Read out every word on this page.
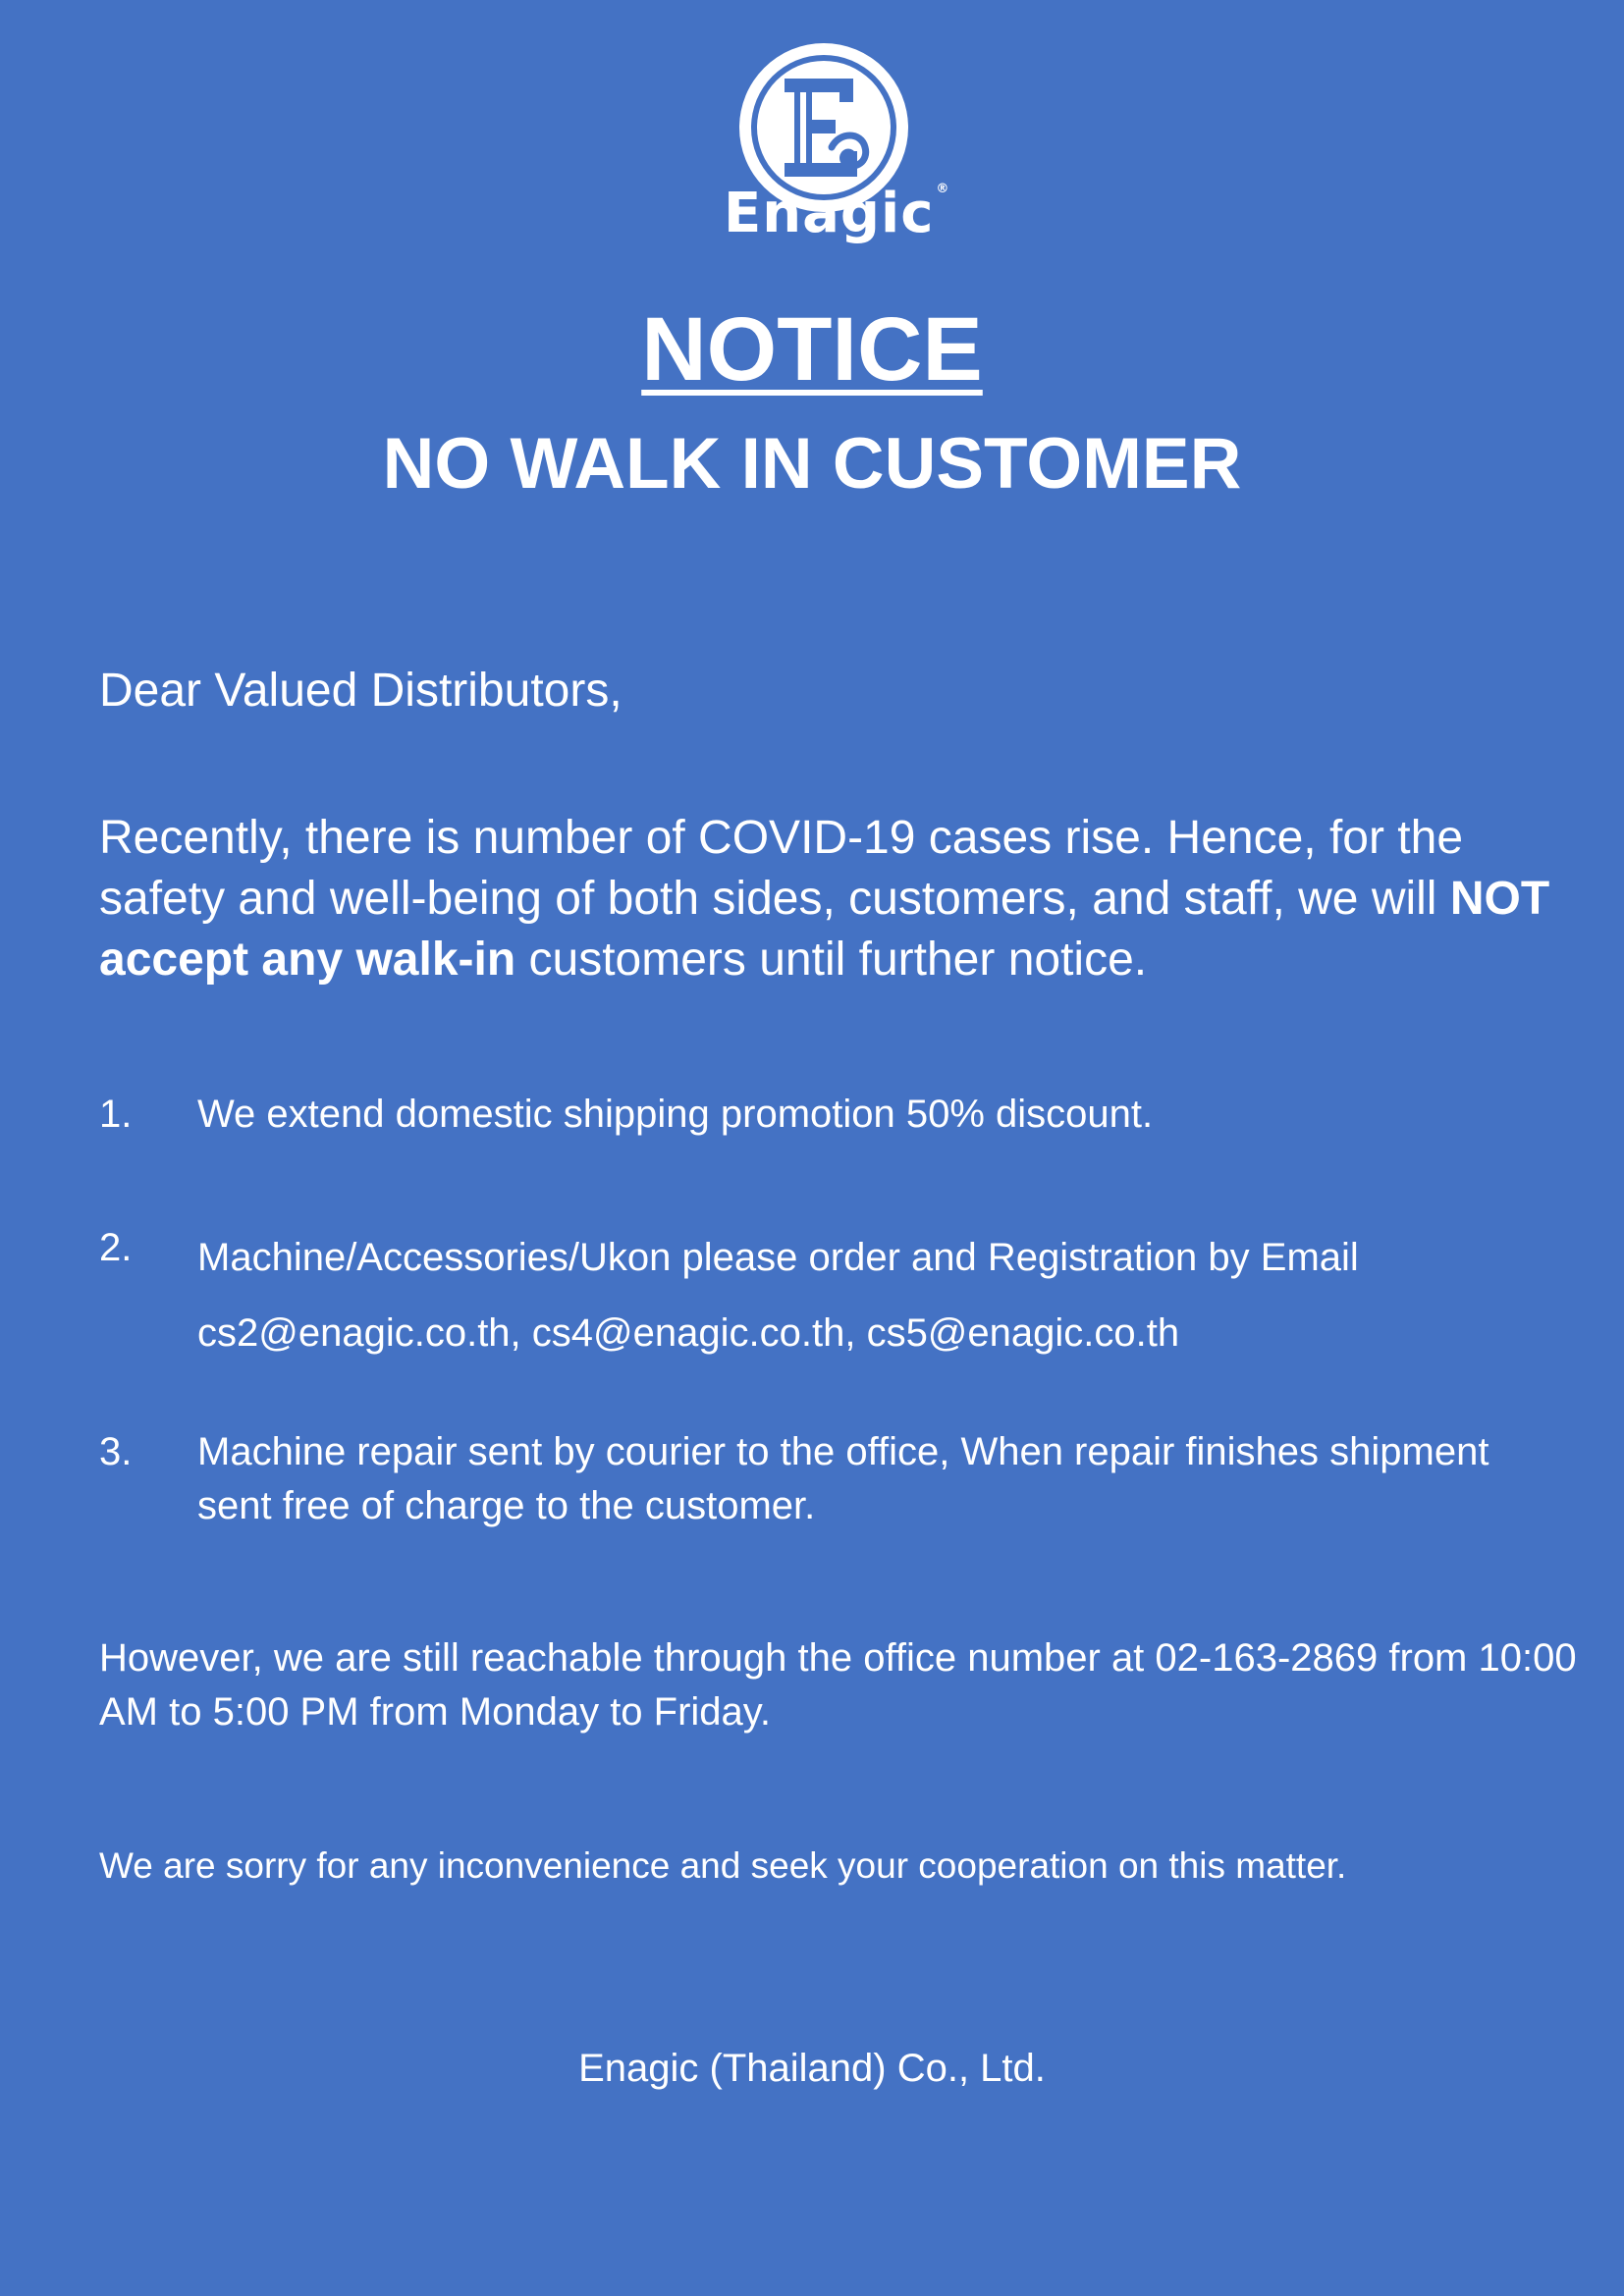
Enagic ®
NOTICE
NO WALK IN CUSTOMER
Dear Valued Distributors,
Recently, there is number of COVID-19 cases rise. Hence, for the safety and well-being of both sides, customers, and staff, we will NOT accept any walk-in customers until further notice.
1. We extend domestic shipping promotion 50% discount.
2. Machine/Accessories/Ukon please order and Registration by Email
cs2@enagic.co.th, cs4@enagic.co.th, cs5@enagic.co.th
3. Machine repair sent by courier to the office, When repair finishes shipment sent free of charge to the customer.
However, we are still reachable through the office number at 02-163-2869 from 10:00 AM to 5:00 PM from Monday to Friday.
We are sorry for any inconvenience and seek your cooperation on this matter.
Enagic (Thailand) Co., Ltd.
